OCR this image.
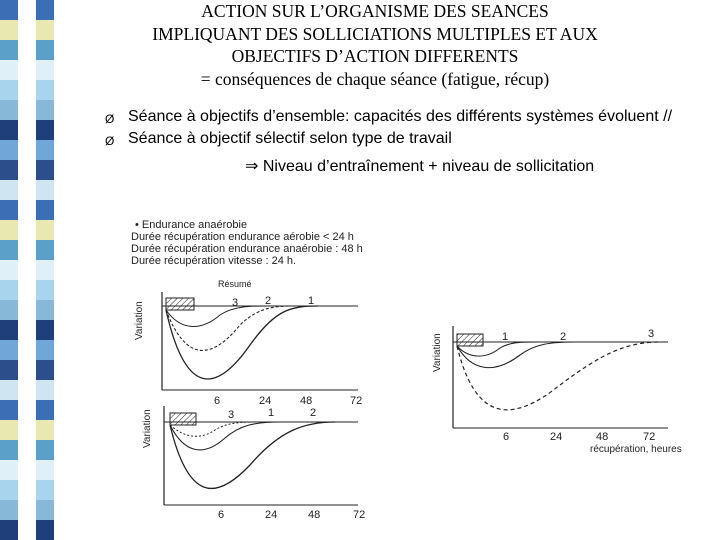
ACTION SUR L’ORGANISME DES SEANCES
IMPLIQUANT DES SOLLICIATIONS MULTIPLES ET AUX
OBJECTIFS D’ACTION DIFFERENTS
= conséquences de chaque séance (fatigue, récup)
Ø Séance à objectifs d’ensemble: capacités des différents systèmes évoluent //
Ø Séance à objectif sélectif selon type de travail
⇒ Niveau d’entraînement + niveau de sollicitation
• Endurance anaérobie
Durée récupération endurance aérobie < 24 h
Durée récupération endurance anaérobie : 48 h
Durée récupération vitesse : 24 h.
Variation
Résumé
3 2	1
6	24	48	72
Variation	1	2	3
6	24	48	72
récupération, heures
Variation	3	1	2
6	24	48	72
